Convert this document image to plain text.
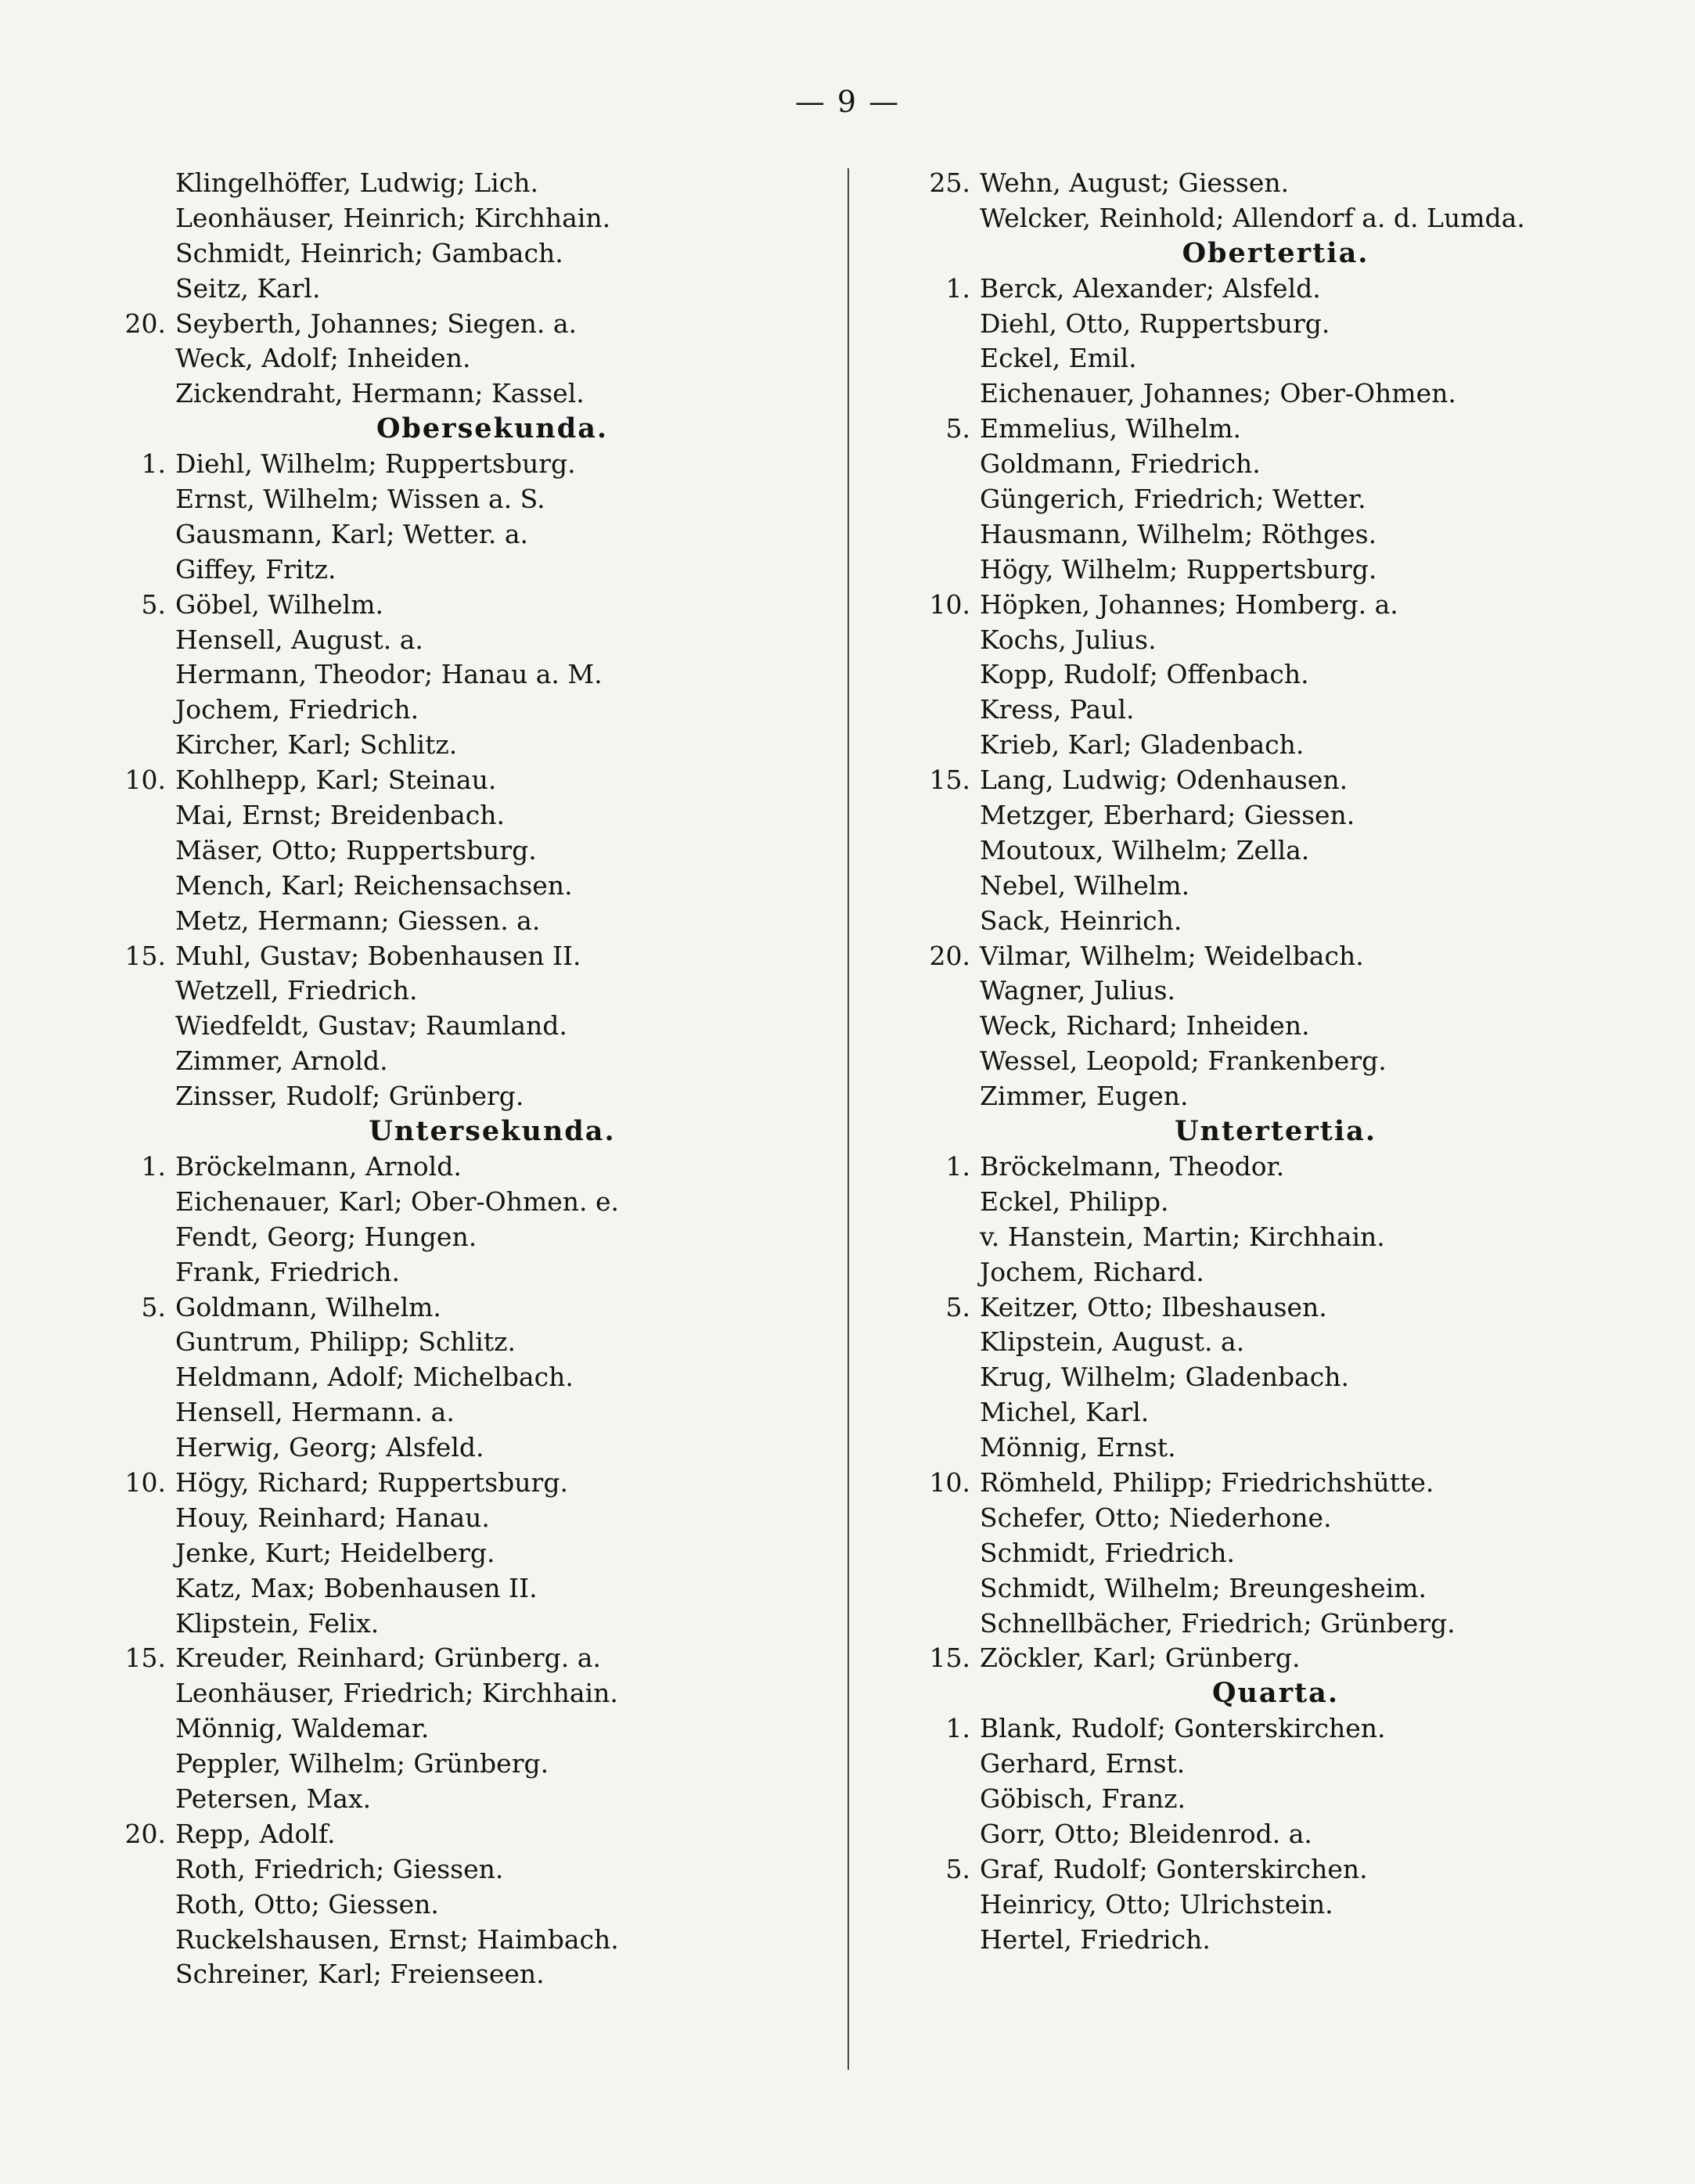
— 9 —
Klingelhöffer, Ludwig; Lich.
Leonhäuser, Heinrich; Kirchhain.
Schmidt, Heinrich; Gambach.
Seitz, Karl.
20. Seyberth, Johannes; Siegen. a.
Weck, Adolf; Inheiden.
Zickendraht, Hermann; Kassel.
Obersekunda.
1. Diehl, Wilhelm; Ruppertsburg.
Ernst, Wilhelm; Wissen a. S.
Gausmann, Karl; Wetter. a.
Giffey, Fritz.
5. Göbel, Wilhelm.
Hensell, August. a.
Hermann, Theodor; Hanau a. M.
Jochem, Friedrich.
Kircher, Karl; Schlitz.
10. Kohlhepp, Karl; Steinau.
Mai, Ernst; Breidenbach.
Mäser, Otto; Ruppertsburg.
Mench, Karl; Reichensachsen.
Metz, Hermann; Giessen. a.
15. Muhl, Gustav; Bobenhausen II.
Wetzell, Friedrich.
Wiedfeldt, Gustav; Raumland.
Zimmer, Arnold.
Zinsser, Rudolf; Grünberg.
Untersekunda.
1. Bröckelmann, Arnold.
Eichenauer, Karl; Ober-Ohmen. e.
Fendt, Georg; Hungen.
Frank, Friedrich.
5. Goldmann, Wilhelm.
Guntrum, Philipp; Schlitz.
Heldmann, Adolf; Michelbach.
Hensell, Hermann. a.
Herwig, Georg; Alsfeld.
10. Högy, Richard; Ruppertsburg.
Houy, Reinhard; Hanau.
Jenke, Kurt; Heidelberg.
Katz, Max; Bobenhausen II.
Klipstein, Felix.
15. Kreuder, Reinhard; Grünberg. a.
Leonhäuser, Friedrich; Kirchhain.
Mönnig, Waldemar.
Peppler, Wilhelm; Grünberg.
Petersen, Max.
20. Repp, Adolf.
Roth, Friedrich; Giessen.
Roth, Otto; Giessen.
Ruckelshausen, Ernst; Haimbach.
Schreiner, Karl; Freienseen.
25. Wehn, August; Giessen.
Welcker, Reinhold; Allendorf a. d. Lumda.
Obertertia.
1. Berck, Alexander; Alsfeld.
Diehl, Otto, Ruppertsburg.
Eckel, Emil.
Eichenauer, Johannes; Ober-Ohmen.
5. Emmelius, Wilhelm.
Goldmann, Friedrich.
Güngerich, Friedrich; Wetter.
Hausmann, Wilhelm; Röthges.
Högy, Wilhelm; Ruppertsburg.
10. Höpken, Johannes; Homberg. a.
Kochs, Julius.
Kopp, Rudolf; Offenbach.
Kress, Paul.
Krieb, Karl; Gladenbach.
15. Lang, Ludwig; Odenhausen.
Metzger, Eberhard; Giessen.
Moutoux, Wilhelm; Zella.
Nebel, Wilhelm.
Sack, Heinrich.
20. Vilmar, Wilhelm; Weidelbach.
Wagner, Julius.
Weck, Richard; Inheiden.
Wessel, Leopold; Frankenberg.
Zimmer, Eugen.
Untertertia.
1. Bröckelmann, Theodor.
Eckel, Philipp.
v. Hanstein, Martin; Kirchhain.
Jochem, Richard.
5. Keitzer, Otto; Ilbeshausen.
Klipstein, August. a.
Krug, Wilhelm; Gladenbach.
Michel, Karl.
Mönnig, Ernst.
10. Römheld, Philipp; Friedrichshütte.
Schefer, Otto; Niederhone.
Schmidt, Friedrich.
Schmidt, Wilhelm; Breungesheim.
Schnellbächer, Friedrich; Grünberg.
15. Zöckler, Karl; Grünberg.
Quarta.
1. Blank, Rudolf; Gonterskirchen.
Gerhard, Ernst.
Göbisch, Franz.
Gorr, Otto; Bleidenrod. a.
5. Graf, Rudolf; Gonterskirchen.
Heinricy, Otto; Ulrichstein.
Hertel, Friedrich.
